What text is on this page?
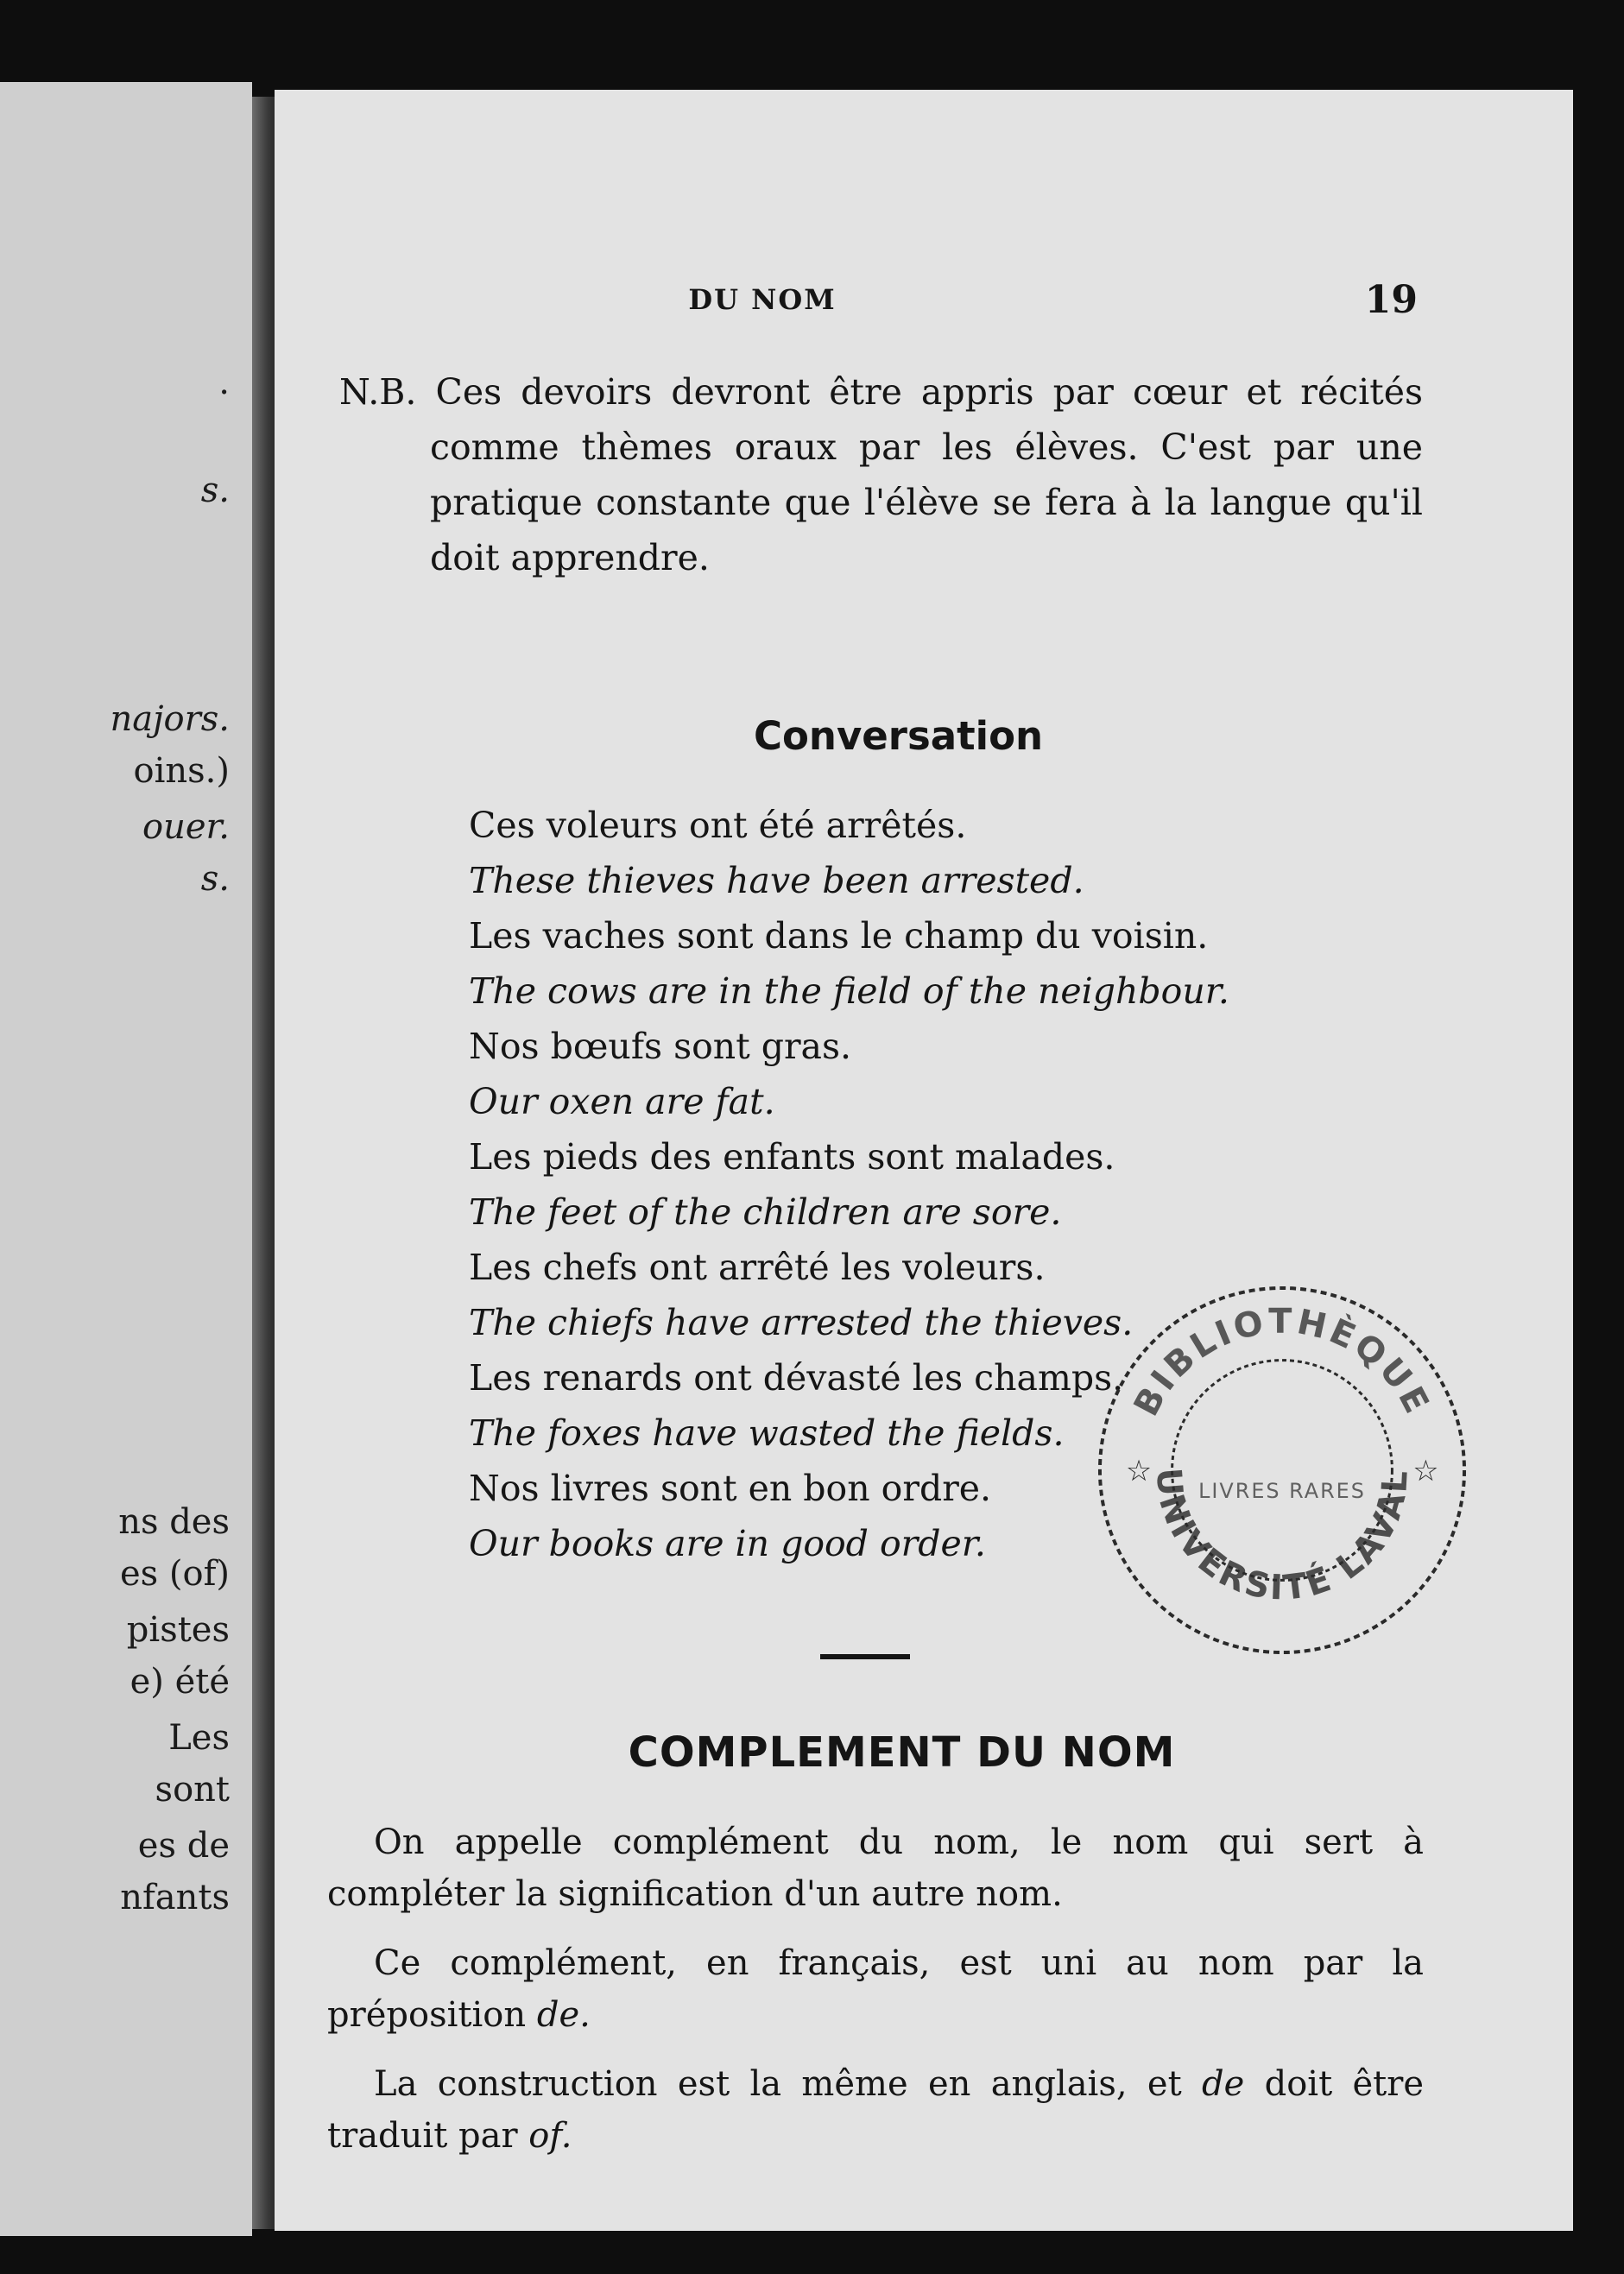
.

s.

najors.

oins.)

ouer.

s.

ns des

es (of)

pistes

e) été

Les

sont

es de

nfants

DU NOM	19

N.B. Ces devoirs devront être appris par cœur et récités comme thèmes oraux par les élèves. C'est par une pratique constante que l'élève se fera à la langue qu'il doit apprendre.

Conversation
Ces voleurs ont été arrêtés.
These thieves have been arrested.
Les vaches sont dans le champ du voisin.
The cows are in the field of the neighbour.
Nos bœufs sont gras.
Our oxen are fat.
Les pieds des enfants sont malades.
The feet of the children are sore.
Les chefs ont arrêté les voleurs.
The chiefs have arrested the thieves.
Les renards ont dévasté les champs.
The foxes have wasted the fields.
Nos livres sont en bon ordre.
Our books are in good order.
COMPLEMENT DU NOM

On appelle complément du nom, le nom qui sert à compléter la signification d'un autre nom.

Ce complément, en français, est uni au nom par la préposition de.

La construction est la même en anglais, et de doit être traduit par of.

BIBLIOTHÈQUE
UNIVERSITÉ LAVAL
LIVRES RARES
☆	☆
